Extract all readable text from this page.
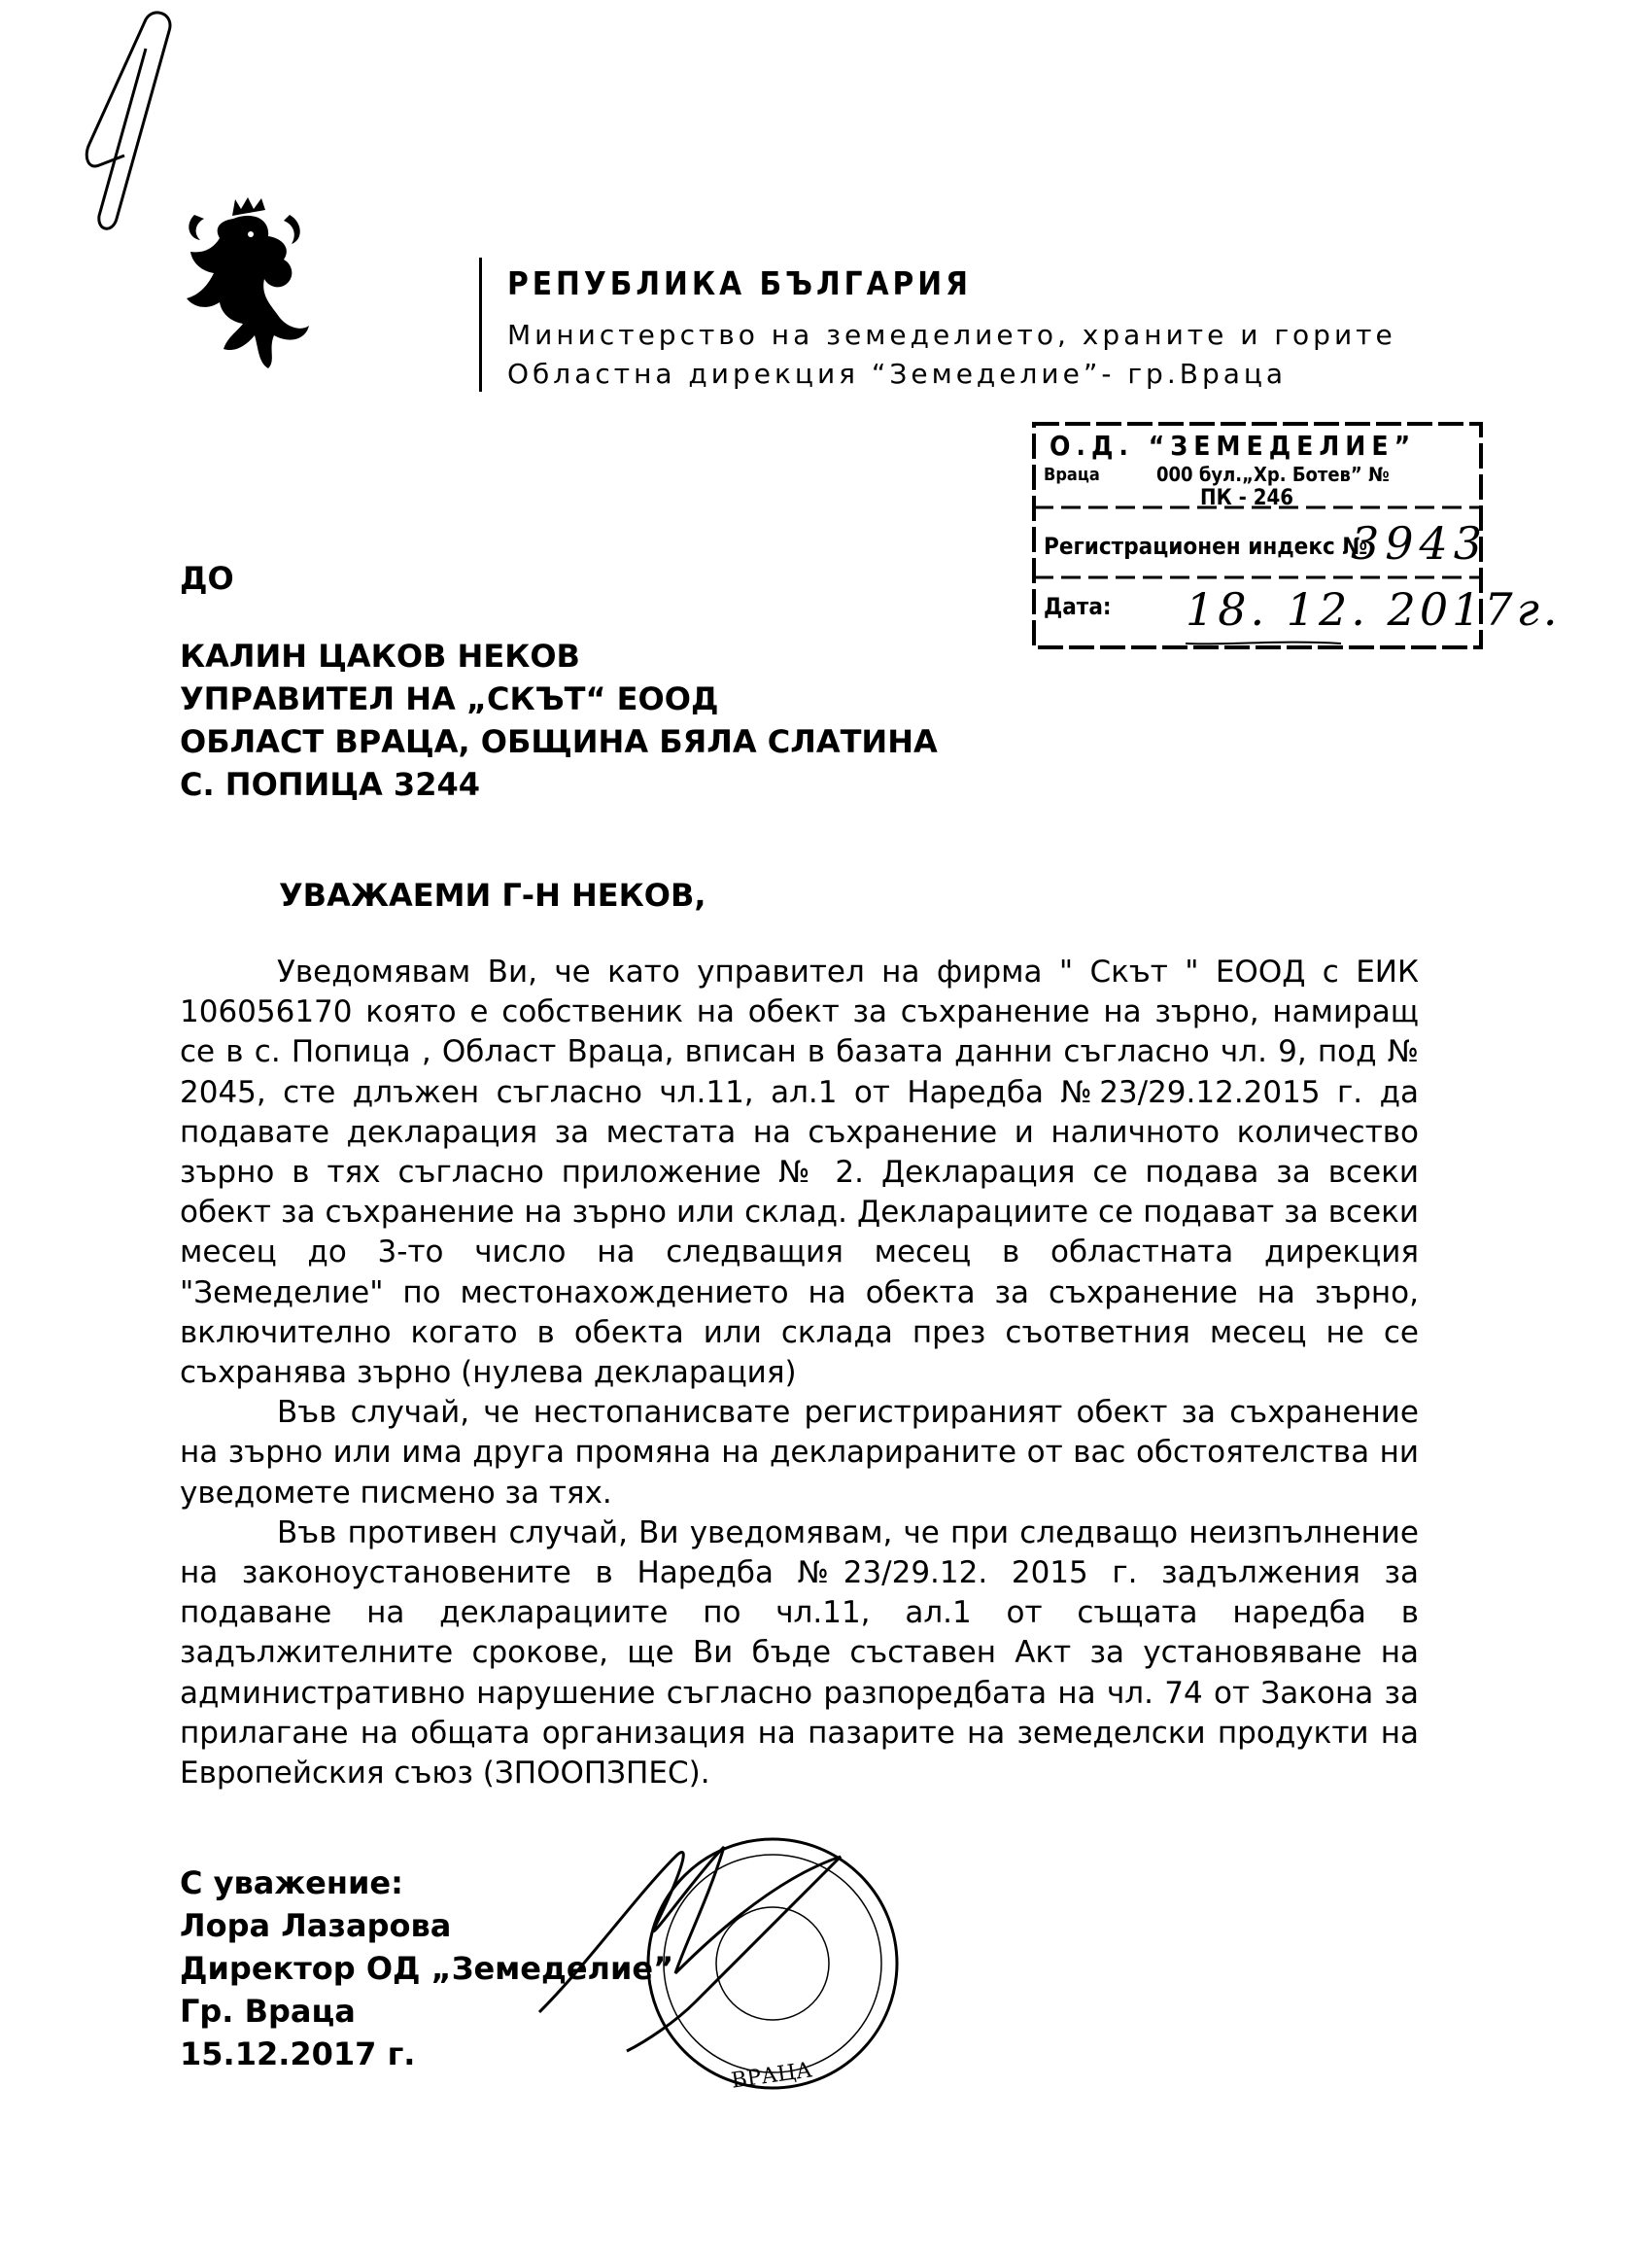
РЕПУБЛИКА БЪЛГАРИЯ
Министерство на земеделието, храните и горите
Областна дирекция “Земеделие”- гр.Враца
О.Д. “ЗЕМЕДЕЛИЕ”
Враца	000 бул.„Хр. Ботев” №
ПК - 246
Регистрационен индекс №
3943
Дата: 18. 12. 2017г.
ДО
КАЛИН ЦАКОВ НЕКОВ
УПРАВИТЕЛ НА „СКЪТ“ ЕООД
ОБЛАСТ ВРАЦА, ОБЩИНА БЯЛА СЛАТИНА
С. ПОПИЦА 3244
УВАЖАЕМИ Г-Н НЕКОВ,

Уведомявам Ви, че като управител на фирма " Скът " ЕООД с ЕИК 106056170 която е собственик на обект за съхранение на зърно, намиращ се в с. Попица , Област Враца, вписан в базата данни съгласно чл. 9, под № 2045, сте длъжен съгласно чл.11, ал.1 от Наредба №23/29.12.2015 г. да подавате декларация за местата на съхранение и наличното количество зърно в тях съгласно приложение № 2. Декларация се подава за всеки обект за съхранение на зърно или склад. Декларациите се подават за всеки месец до 3-то число на следващия месец в областната дирекция "Земеделие" по местонахождението на обекта за съхранение на зърно, включително когато в обекта или склада през съответния месец не се съхранява зърно (нулева декларация)

Във случай, че нестопанисвате регистрираният обект за съхранение на зърно или има друга промяна на декларираните от вас обстоятелства ни уведомете писмено за тях.

Във противен случай, Ви уведомявам, че при следващо неизпълнение на законоустановените в Наредба №23/29.12. 2015 г. задължения за подаване на декларациите по чл.11, ал.1 от същата наредба в задължителните срокове, ще Ви бъде съставен Акт за установяване на административно нарушение съгласно разпоредбата на чл. 74 от Закона за прилагане на общата организация на пазарите на земеделски продукти на Европейския съюз (ЗПООПЗПЕС).

ВРАЦА
С уважение:
Лора Лазарова
Директор ОД „Земеделие”
Гр. Враца
15.12.2017 г.
